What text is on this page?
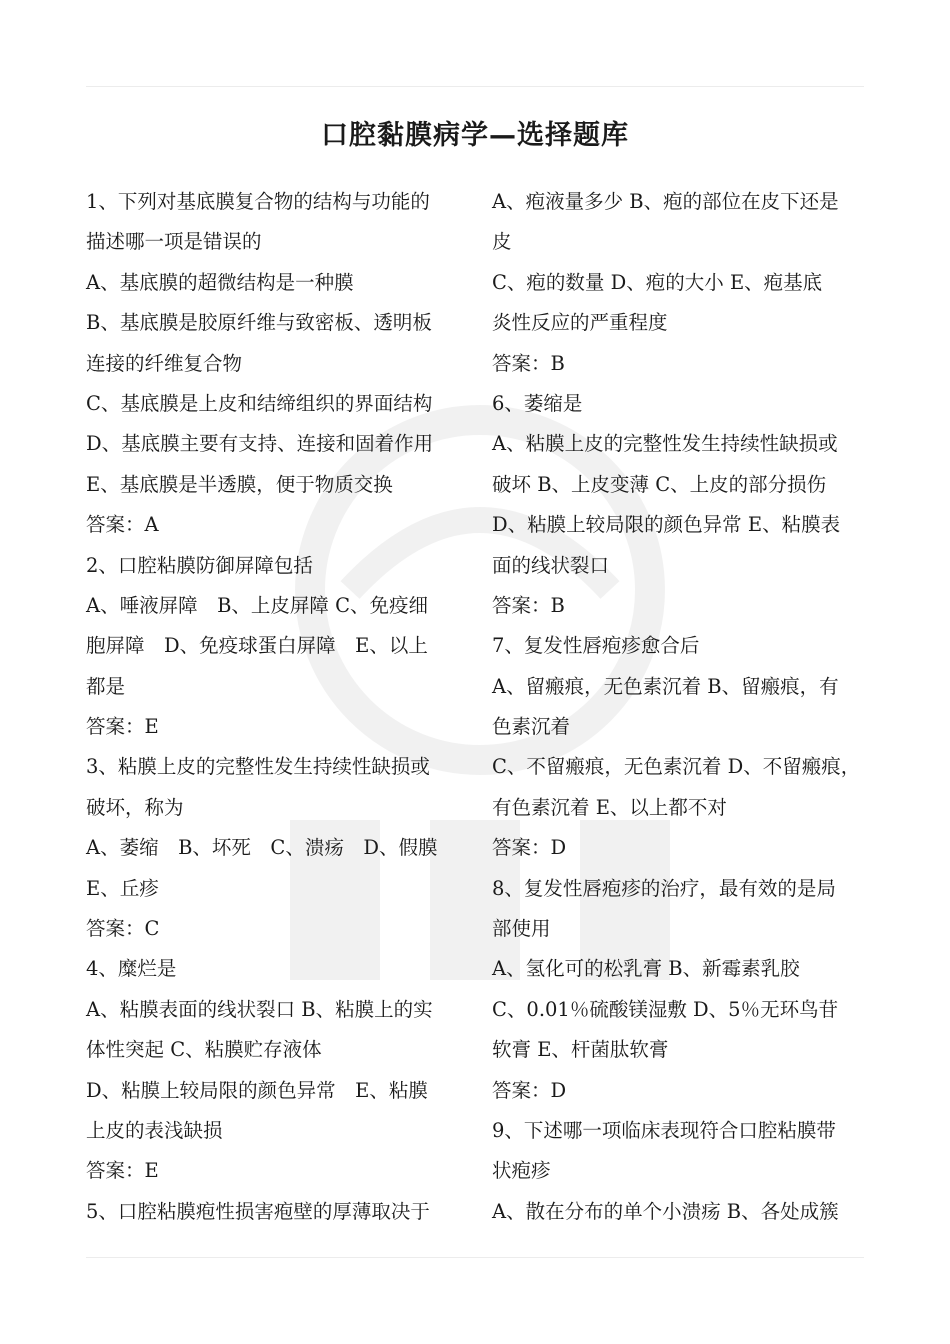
口腔黏膜病学—选择题库
1、下列对基底膜复合物的结构与功能的
描述哪一项是错误的
A、基底膜的超微结构是一种膜
B、基底膜是胶原纤维与致密板、透明板
连接的纤维复合物
C、基底膜是上皮和结缔组织的界面结构
D、基底膜主要有支持、连接和固着作用
E、基底膜是半透膜，便于物质交换
答案：A
2、口腔粘膜防御屏障包括
A、唾液屏障　B、上皮屏障 C、免疫细
胞屏障　D、免疫球蛋白屏障　E、以上
都是
答案：E
3、粘膜上皮的完整性发生持续性缺损或
破坏，称为
A、萎缩　B、坏死　C、溃疡　D、假膜
E、丘疹
答案：C
4、糜烂是
A、粘膜表面的线状裂口 B、粘膜上的实
体性突起 C、粘膜贮存液体
D、粘膜上较局限的颜色异常　E、粘膜
上皮的表浅缺损
答案：E
5、口腔粘膜疱性损害疱壁的厚薄取决于
A、疱液量多少 B、疱的部位在皮下还是
皮
C、疱的数量 D、疱的大小 E、疱基底
炎性反应的严重程度
答案：B
6、萎缩是
A、粘膜上皮的完整性发生持续性缺损或
破坏 B、上皮变薄 C、上皮的部分损伤
D、粘膜上较局限的颜色异常 E、粘膜表
面的线状裂口
答案：B
7、复发性唇疱疹愈合后
A、留瘢痕，无色素沉着 B、留瘢痕，有
色素沉着
C、不留瘢痕，无色素沉着 D、不留瘢痕，
有色素沉着 E、以上都不对
答案：D
8、复发性唇疱疹的治疗，最有效的是局
部使用
A、氢化可的松乳膏 B、新霉素乳胶
C、0.01％硫酸镁湿敷 D、5％无环鸟苷
软膏 E、杆菌肽软膏
答案：D
9、下述哪一项临床表现符合口腔粘膜带
状疱疹
A、散在分布的单个小溃疡 B、各处成簇
